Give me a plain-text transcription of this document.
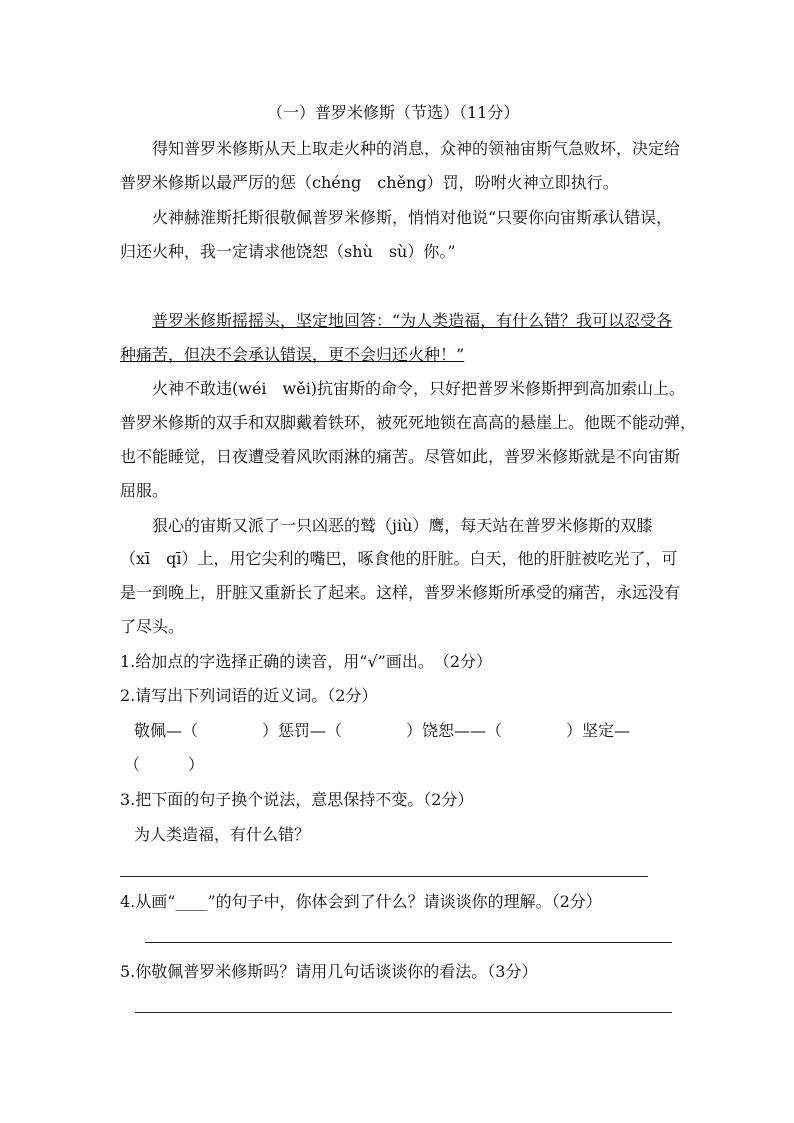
（一）普罗米修斯（节选）（11分）
得知普罗米修斯从天上取走火种的消息，众神的领袖宙斯气急败坏，决定给
普罗米修斯以最严厉的惩（chéng　chěng）罚，吩咐火神立即执行。
火神赫淮斯托斯很敬佩普罗米修斯，悄悄对他说“只要你向宙斯承认错误，
归还火种，我一定请求他饶恕（shù　sù）你。”
普罗米修斯摇摇头，坚定地回答：“为人类造福，有什么错？我可以忍受各
种痛苦，但决不会承认错误，更不会归还火种！”
火神不敢违(wéi　wěi)抗宙斯的命令，只好把普罗米修斯押到高加索山上。
普罗米修斯的双手和双脚戴着铁环，被死死地锁在高高的悬崖上。他既不能动弹，
也不能睡觉，日夜遭受着风吹雨淋的痛苦。尽管如此，普罗米修斯就是不向宙斯
屈服。
狠心的宙斯又派了一只凶恶的鹫（jiù）鹰，每天站在普罗米修斯的双膝
（xī　qī）上，用它尖利的嘴巴，啄食他的肝脏。白天，他的肝脏被吃光了，可
是一到晚上，肝脏又重新长了起来。这样，普罗米修斯所承受的痛苦，永远没有
了尽头。
1.给加点的字选择正确的读音，用“√”画出。　（2分）
2.请写出下列词语的近义词。（2分）
敬佩—（　　　　）惩罚—（　　　　）饶恕——（　　　　）坚定—
（　　　）
3.把下面的句子换个说法，意思保持不变。（2分）
为人类造福，有什么错？
4.从画“____”的句子中，你体会到了什么？请谈谈你的理解。（2分）
5.你敬佩普罗米修斯吗？请用几句话谈谈你的看法。（3分）
